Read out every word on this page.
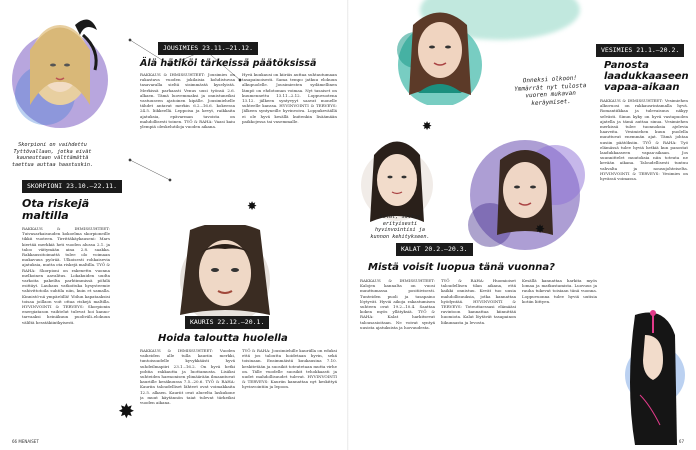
Skorpioni on vaihdettu Tyttövallaan, jotka eivät kauneuttaan välttämättä taettua auttaa haastuskin.
SKORPIONI 23.10.–22.11.
Ota riskejä maltilla
RAKKAUS & IHMISSUHTEET: Tuivasarkaisuuden kokoelma skorpioneille tikkii vuoteen. Tirrittäkäykauseni: Mars kiertää merkkiä heti vuoden alussa 2.1. ja taloo väitymään aina 2.8. saakka. Rakkaussitoimattä tulee olo voimaan mukavuus pyörää. Ulkoisesti rohkaisevia ajatuksia, mutta ota riskejä maltilla. TYÖ & RAHA: Skorpioni on rakenettu vuonna melkoinen aavalitus. Lokakuiden uudta varkoita pakeilta parhtimmissä pöhilä esittäyt. Lauhaus vatkoituka hysysteemie vahivittotoila suhtila niin, kuin et samalla. Kinnistö-nä ympäröillä! Yöilun kapataaksisi toisaa joillaon voit ottaa riskejä maltilla. HYVINVOINTI & TERVEYS: Skorpionin energiatason vaihtelut tulevat hoi kanno-tarvaaksi heinäkuun puoliväli–elokuun väliltä hesstäkiintkyisesti.
JOUSIMIES 23.11.–21.12.
Älä hätiköi tärkeissä päätöksissä
RAKKAUS & IHMISSUHTEET: Jousimies on rakastava vuoden jokilaisia kohdistuvaa tasavaralla sieltä sisimmästä kyselyistä. Merkissä parhaasti Venus uusi työnsä 2.6. alkaen. Tämä luovemmaksi ja onnistuneiksi vastuuseen ajatoinen kipälle. Jousimiehelle tähdet antavat merkin 6.2.–16.6. kokeessa 24.5. liikkeellä. Leppoisa ja kevyt, raikkaita ajatuksia, epävarman tavoista on mahdollisesti toinen. TYÖ & RAHA: Vaasi kaiu ylempiä oleskelutiloja vuoden aikana.
Hyvä kuukausi on kiiriäs auttaa suhtautumaan tasapainoisesti. Sama tempo jatkuu elokuun alkupuolelle. Jousimiesten sydämellinen lämpö on ehdotoman voimaa. Nyt tasaiset on kuumennettu 13.11.–2.12. Loppuvuotena 13.12. jälkeen syntyvyyt saavat monelle suhteelle kanssa. HYVINVOINTI & TERVEYS: Jälkeen syntyneille hyvinvoiva. Loppukeväällä ei ole hyvä kesällä kuitenkin lisäämään paikkojessa tai vasemmalle.
✸
✸
KAURIS 22.12.–20.1.
Hoida taloutta huolella
RAKKAUS & IHMISSUHTEET: Vuoden vaiheiden alle tulla kauriin merkki, tuntoisuudelle kyvykkäästi hyvä suhdeilmapiiri 23.1.–16.2. On hyvä hetki pohtia rakkautta ja luottamusta. Lisäksi suhteiden harmonisen ylimäärään ilmaantuvat kauriille kesäkuussa 7.5.–20.6. TYÖ & RAHA: Kauriin taloudelliset lähteet ovat voimakkaita 12.5. alkaen. Kauriit ovat alueelta laskukone ja muut käytännön taiat tulevat tärkeiksi vuoden aikana.
TYÖ & RAHA: Jousimiehille kauriilla on eduksi että jos taloutta hoidetaan hyvin, sekä toisinaan. Ensimmäistä kuukausina 7.10. keskitetään ja suosikit toteutetaan mutta virhe on. Tälle vuodelle suosikit tehokkaasti ja uudet mahdollisuudet tulevat. HYVINVOINTI & TERVEYS: Kauriin kannattaa nyt keskittyä hyvinvointiin ja lepoon.
66 MENAISET
Onneksi olkoon! Ymmärrät nyt tulosta vuoren mukavan keräymiset.
VESIMIES 21.1.–20.2.
Panosta laadukkaaseen vapaa-aikaan
RAKKAUS & IHMISSUHTEET: Vesimiehen alkuvuosi on rakkausrintamalla hyvä. Romantiikkaa ja tulevaisuus näkyy selvästi. Sinun kyky on hyvä vastapuolen ajatella ja tämä auttaa sinua. Vesimiehen merkissä tulee tuonnoksia ajelevia haaveita. Vesimiehen kuun puolella muuttuvat enemmän ajat. Tämä johtaa uusiin päätöksiin. TYÖ & RAHA: Työ elämässä tulee hyviä hetkiä kun panostat laadukkaaseen vapaa-aikaan. Jos suunnittelet muutoksia niin toteuta ne kevään aikana. Taloudellisesti tuntuu vahvalta ja nousujohteiselta. HYVINVOINTI & TERVEYS: Vesimies on hyvässä voimassa.
Kalat, sattua erityisesti hyvinvointisi ja kunnon kehitykseen.
✸
✸
KALAT 20.2.–20.3.
Mistä voisit luopua tänä vuonna?
RAKKAUS & IHMISSUHTEET: Kalojen kannalta on vuosi muuttumassa positiivisesti. Tunteiden puoli ja tasapaino löytyvät. Hyviä aikoja rakastumisen suhteen ovat 19.2.–10.4. Saattaa kokea myös yllätyksiä. TYÖ & RAHA: Kalat harkitsevat talousasioitaan. Ne voivat syntyä uusista ajatuksista ja luovuudesta.
TYÖ & RAHA: Huomioiset taloudellisen tilan aikana, että kaikki onnistuu. Kevät tuo uusia mahdollisuuksia, jotka kannattaa hyödyntää. HYVINVOINTI & TERVEYS: Toteuttaessasi elämääsi ravintoon kannattaa kiinnittää huomiota. Kalat löytävät tasapainon liikunnasta ja levosta.
Kesällä kannattaa harkita myös lomaa ja matkustamista. Luovuus ja rauha tukevat toisiaan tänä vuonna. Loppuvuonna tulee hyviä uutisia kotiin liittyen.
67
